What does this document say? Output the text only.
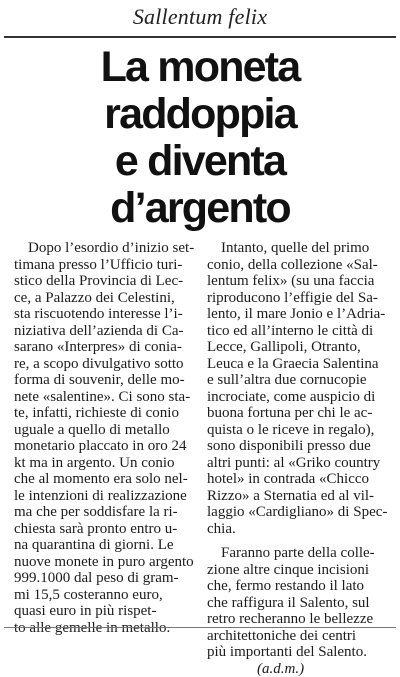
Sallentum felix
La moneta
raddoppia
e diventa
d’argento
Dopo l’esordio d’inizio set-
timana presso l’Ufficio turi-
stico della Provincia di Lec-
ce, a Palazzo dei Celestini,
sta riscuotendo interesse l’i-
niziativa dell’azienda di Ca-
sarano «Interpres» di conia-
re, a scopo divulgativo sotto
forma di souvenir, delle mo-
nete «salentine». Ci sono sta-
te, infatti, richieste di conio
uguale a quello di metallo
monetario placcato in oro 24
kt ma in argento. Un conio
che al momento era solo nel-
le intenzioni di realizzazione
ma che per soddisfare la ri-
chiesta sarà pronto entro u-
na quarantina di giorni. Le
nuove monete in puro argento
999.1000 dal peso di gram-
mi 15,5 costeranno euro,
quasi euro in più rispet-
to alle gemelle in metallo.
Intanto, quelle del primo
conio, della collezione «Sal-
lentum felix» (su una faccia
riproducono l’effigie del Sa-
lento, il mare Jonio e l’Adria-
tico ed all’interno le città di
Lecce, Gallipoli, Otranto,
Leuca e la Graecia Salentina
e sull’altra due cornucopie
incrociate, come auspicio di
buona fortuna per chi le ac-
quista o le riceve in regalo),
sono disponibili presso due
altri punti: al «Griko country
hotel» in contrada «Chicco
Rizzo» a Sternatia ed al vil-
laggio «Cardigliano» di Spec-
chia.
Faranno parte della colle-
zione altre cinque incisioni
che, fermo restando il lato
che raffigura il Salento, sul
retro recheranno le bellezze
architettoniche dei centri
più importanti del Salento.
(a.d.m.)
